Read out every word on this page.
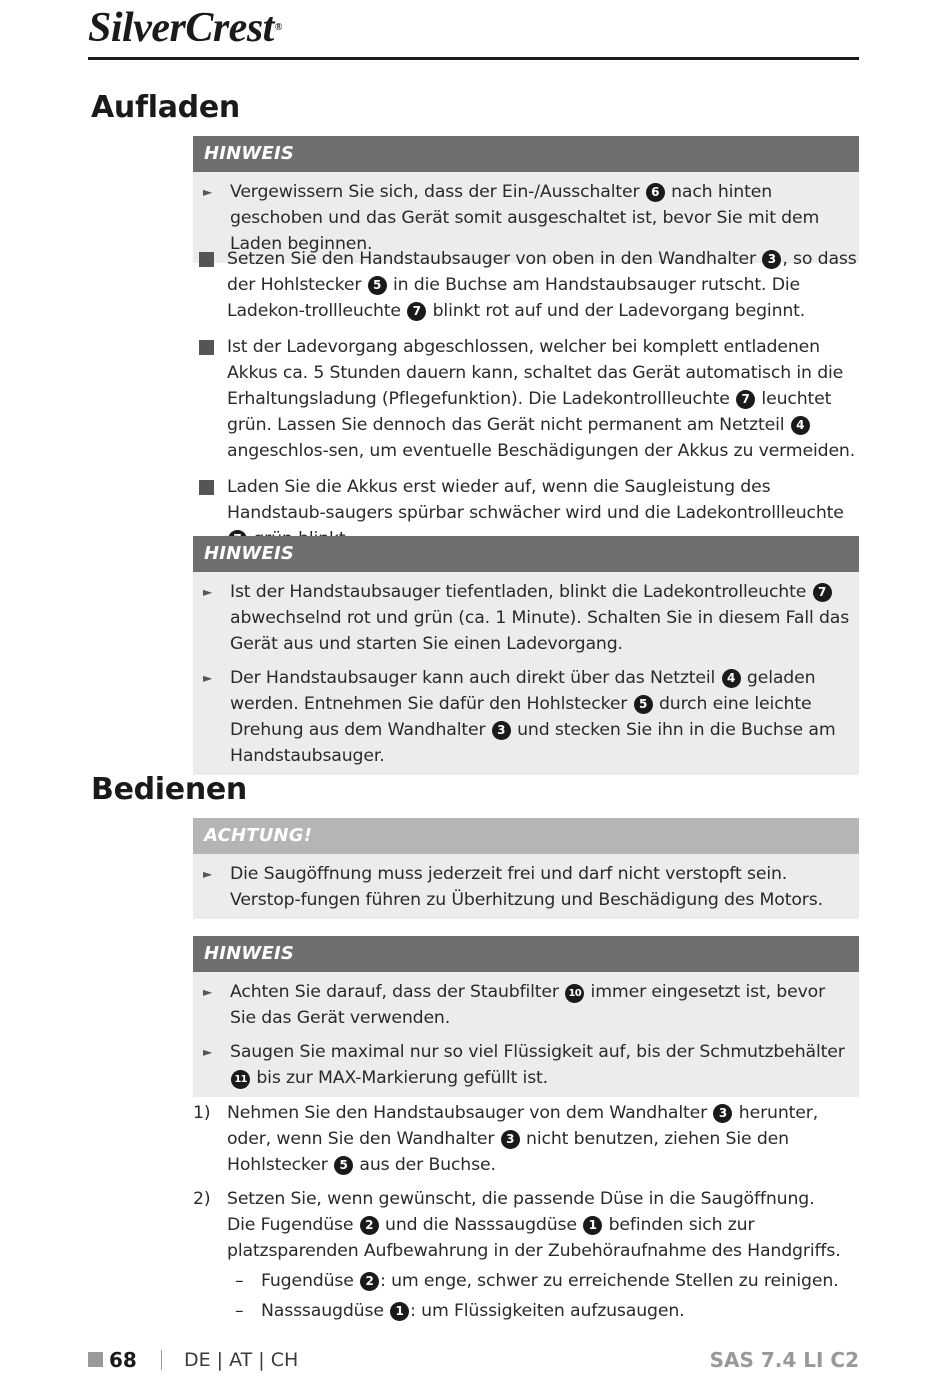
SilverCrest®
Aufladen
HINWEIS
► Vergewissern Sie sich, dass der Ein-/Ausschalter 6 nach hinten geschoben und das Gerät somit ausgeschaltet ist, bevor Sie mit dem Laden beginnen.
Setzen Sie den Handstaubsauger von oben in den Wandhalter 3 , so dass der Hohlstecker 5 in die Buchse am Handstaubsauger rutscht. Die Ladekon-trollleuchte 7 blinkt rot auf und der Ladevorgang beginnt.
Ist der Ladevorgang abgeschlossen, welcher bei komplett entladenen Akkus ca. 5 Stunden dauern kann, schaltet das Gerät automatisch in die Erhaltungsladung (Pflegefunktion). Die Ladekontrollleuchte 7 leuchtet grün. Lassen Sie dennoch das Gerät nicht permanent am Netzteil 4 angeschlos-sen, um eventuelle Beschädigungen der Akkus zu vermeiden.
Laden Sie die Akkus erst wieder auf, wenn die Saugleistung des Handstaub-saugers spürbar schwächer wird und die Ladekontrollleuchte
HINWEIS
► Ist der Handstaubsauger tiefentladen, blinkt die Ladekontrolleuchte 7 abwechselnd rot und grün (ca. 1 Minute). Schalten Sie in diesem Fall das Gerät aus und starten Sie einen Ladevorgang.
► Der Handstaubsauger kann auch direkt über das Netzteil 4 geladen werden. Entnehmen Sie dafür den Hohlstecker 5 durch eine leichte Drehung aus dem Wandhalter 3 und stecken Sie ihn in die Buchse am Handstaubsauger.
Bedienen
ACHTUNG!
► Die Saugöffnung muss jederzeit frei und darf nicht verstopft sein. Verstop-fungen führen zu Überhitzung und Beschädigung des Motors.
HINWEIS
► Achten Sie darauf, dass der Staubfilter 10 immer eingesetzt ist, bevor Sie das Gerät verwenden.
► Saugen Sie maximal nur so viel Flüssigkeit auf, bis der Schmutzbehälter 11 bis zur MAX-Markierung gefüllt ist.
1) Nehmen Sie den Handstaubsauger von dem Wandhalter 3 herunter, oder, wenn Sie den Wandhalter 3 nicht benutzen, ziehen Sie den Hohlstecker 5 aus der Buchse.
2) Setzen Sie, wenn gewünscht, die passende Düse in die Saugöffnung.
Die Fugendüse 2 und die Nasssaugdüse 1 befinden sich zur platzsparenden Aufbewahrung in der Zubehöraufnahme des Handgriffs.
– Fugendüse 2 : um enge, schwer zu erreichende Stellen zu reinigen.
– Nasssaugdüse 1 : um Flüssigkeiten aufzusaugen.
68 DE | AT | CH	SAS 7.4 LI C2
